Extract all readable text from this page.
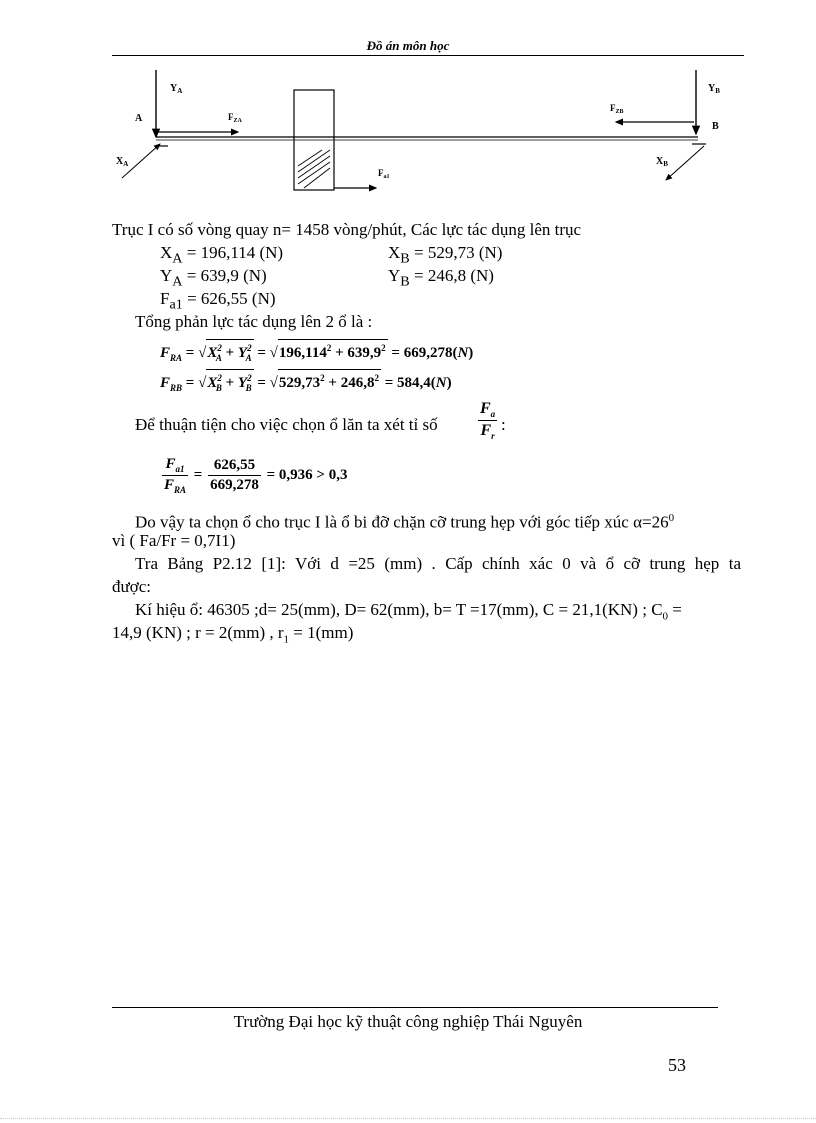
Đồ án môn học
$Y_A$
A	$F_{ZA}$
$X_A$
$F_{a1}$
$F_{ZB}$
$Y_B$
B
$X_B$
Trục I có số vòng quay n= 1458 vòng/phút, Các lực tác dụng lên trục
$X_A = 196,114$ (N)	$X_B = 529,73$ (N)
$Y_A = 639,9$ (N)	$Y_B = 246,8$ (N)
$F_{a1} = 626,55$ (N)
Tổng phản lực tác dụng lên 2 ổ là :
$F_{RA} = √X^2_A + Y^2_A = √196,114^2 + 639,9^2 = 669,278(N)$
$F_{RB} = √X^2_B + Y^2_B = √529,73^2 + 246,8^2 = 584,4(N)$
Để thuận tiện cho việc chọn ổ lăn ta xét tỉ số	$\frac{F_a}{F_r}$ :
$\frac{F_{a1}}{F_{RA}} = \frac{626,55}{669,278} = 0,936 > 0,3$
Do vậy ta chọn ổ cho trục I là ổ bi đỡ chặn cỡ trung hẹp với góc tiếp xúc $\alpha=26^0$
vì ( Fa/Fr = 0,7I1)
Tra Bảng P2.12 [1]: Với d =25 (mm) . Cấp chính xác 0 và ổ cỡ trung hẹp ta
được:
Kí hiệu ổ: 46305 ;d= 25(mm), D= 62(mm), b= T =17(mm), C = 21,1(KN) ; $C_0$ =
14,9 (KN) ; r = 2(mm) , $r_1 = 1(mm)$
Trường Đại học kỹ thuật công nghiệp Thái Nguyên
53
